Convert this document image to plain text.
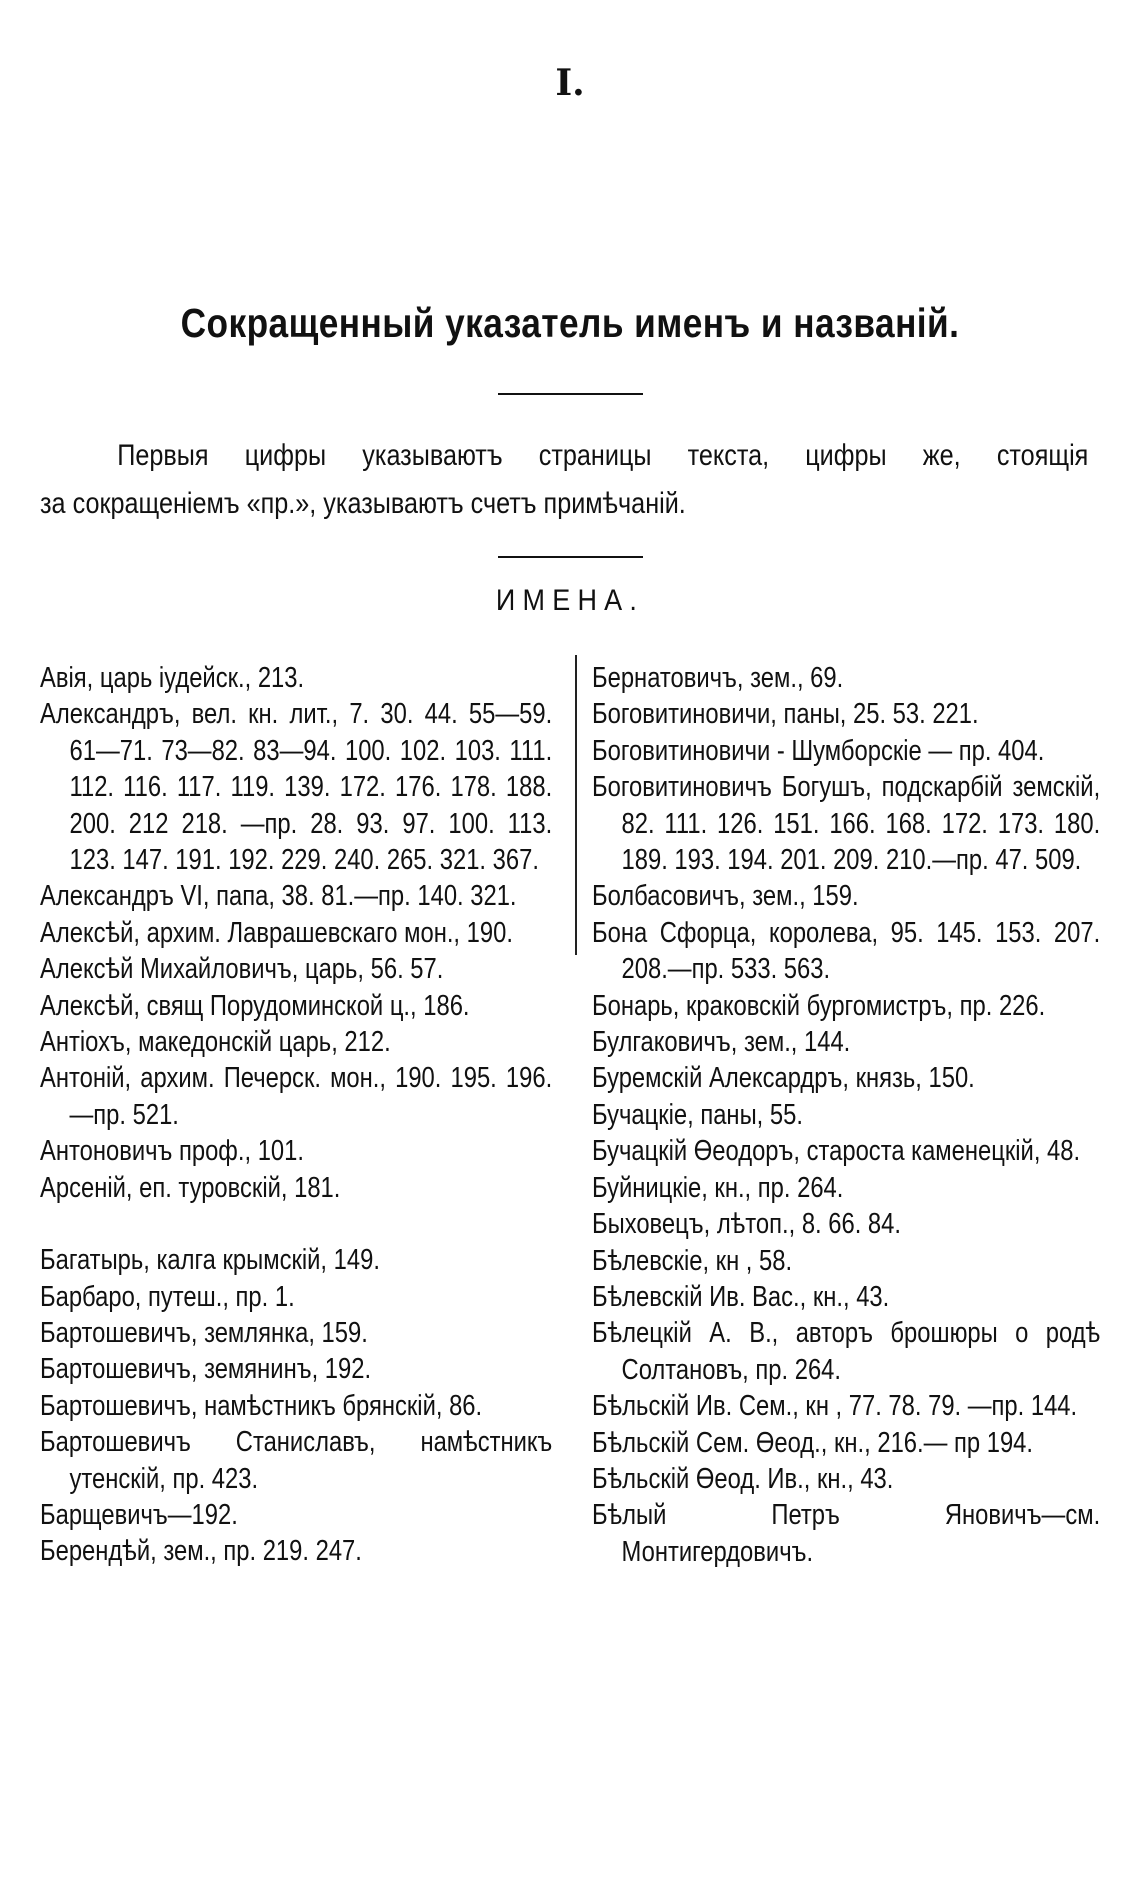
I.
Сокращенный указатель именъ и названій.
Первыя цифры указываютъ страницы текста, цифры же, стоящія
за сокращеніемъ «пр.», указываютъ счетъ примѣчаній.
ИМЕНА.
Авія, царь іудейск., 213.
Александръ, вел. кн. лит., 7. 30. 44. 55—59. 61—71. 73—82. 83—94. 100. 102. 103. 111. 112. 116. 117. 119. 139. 172. 176. 178. 188. 200. 212 218. —пр. 28. 93. 97. 100. 113. 123. 147. 191. 192. 229. 240. 265. 321. 367.
Александръ VI, папа, 38. 81.—пр. 140. 321.
Алексѣй, архим. Лаврашевскаго мон., 190.
Алексѣй Михайловичъ, царь, 56. 57.
Алексѣй, свящ Порудоминской ц., 186.
Антіохъ, македонскій царь, 212.
Антоній, архим. Печерск. мон., 190. 195. 196.—пр. 521.
Антоновичъ проф., 101.
Арсеній, еп. туровскій, 181.
Багатырь, калга крымскій, 149.
Барбаро, путеш., пр. 1.
Бартошевичъ, землянка, 159.
Бартошевичъ, земянинъ, 192.
Бартошевичъ, намѣстникъ брянскій, 86.
Бартошевичъ Станиславъ, намѣстникъ утенскій, пр. 423.
Барщевичъ—192.
Берендѣй, зем., пр. 219. 247.
Бернатовичъ, зем., 69.
Боговитиновичи, паны, 25. 53. 221.
Боговитиновичи - Шумборскіе — пр. 404.
Боговитиновичъ Богушъ, подскарбій земскій, 82. 111. 126. 151. 166. 168. 172. 173. 180. 189. 193. 194. 201. 209. 210.—пр. 47. 509.
Болбасовичъ, зем., 159.
Бона Сфорца, королева, 95. 145. 153. 207. 208.—пр. 533. 563.
Бонарь, краковскій бургомистръ, пр. 226.
Булгаковичъ, зем., 144.
Буремскій Алексардръ, князь, 150.
Бучацкіе, паны, 55.
Бучацкій Өеодоръ, староста каменецкій, 48.
Буйницкіе, кн., пр. 264.
Быховецъ, лѣтоп., 8. 66. 84.
Бѣлевскіе, кн , 58.
Бѣлевскій Ив. Вас., кн., 43.
Бѣлецкій А. В., авторъ брошюры о родѣ Солтановъ, пр. 264.
Бѣльскій Ив. Сем., кн , 77. 78. 79. —пр. 144.
Бѣльскій Сем. Өеод., кн., 216.— пр 194.
Бѣльскій Өеод. Ив., кн., 43.
Бѣлый Петръ Яновичъ—см. Монтигердовичъ.
